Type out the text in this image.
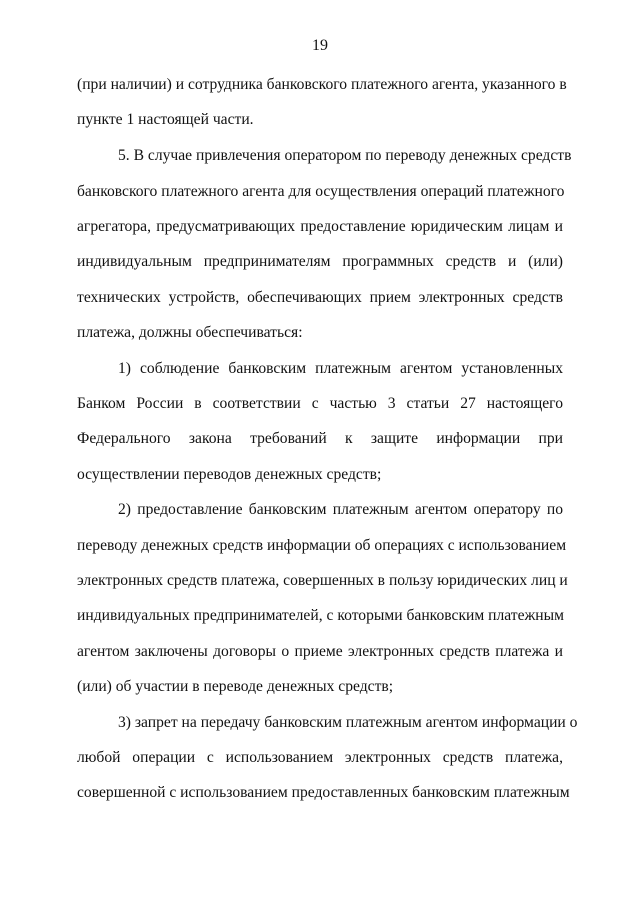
19
(при наличии) и сотрудника банковского платежного агента, указанного в
пункте 1 настоящей части.
5. В случае привлечения оператором по переводу денежных средств
банковского платежного агента для осуществления операций платежного
агрегатора, предусматривающих предоставление юридическим лицам и
индивидуальным предпринимателям программных средств и (или)
технических устройств, обеспечивающих прием электронных средств
платежа, должны обеспечиваться:
1) соблюдение банковским платежным агентом установленных
Банком России в соответствии с частью 3 статьи 27 настоящего
Федерального закона требований к защите информации при
осуществлении переводов денежных средств;
2) предоставление банковским платежным агентом оператору по
переводу денежных средств информации об операциях с использованием
электронных средств платежа, совершенных в пользу юридических лиц и
индивидуальных предпринимателей, с которыми банковским платежным
агентом заключены договоры о приеме электронных средств платежа и
(или) об участии в переводе денежных средств;
3) запрет на передачу банковским платежным агентом информации о
любой операции с использованием электронных средств платежа,
совершенной с использованием предоставленных банковским платежным
